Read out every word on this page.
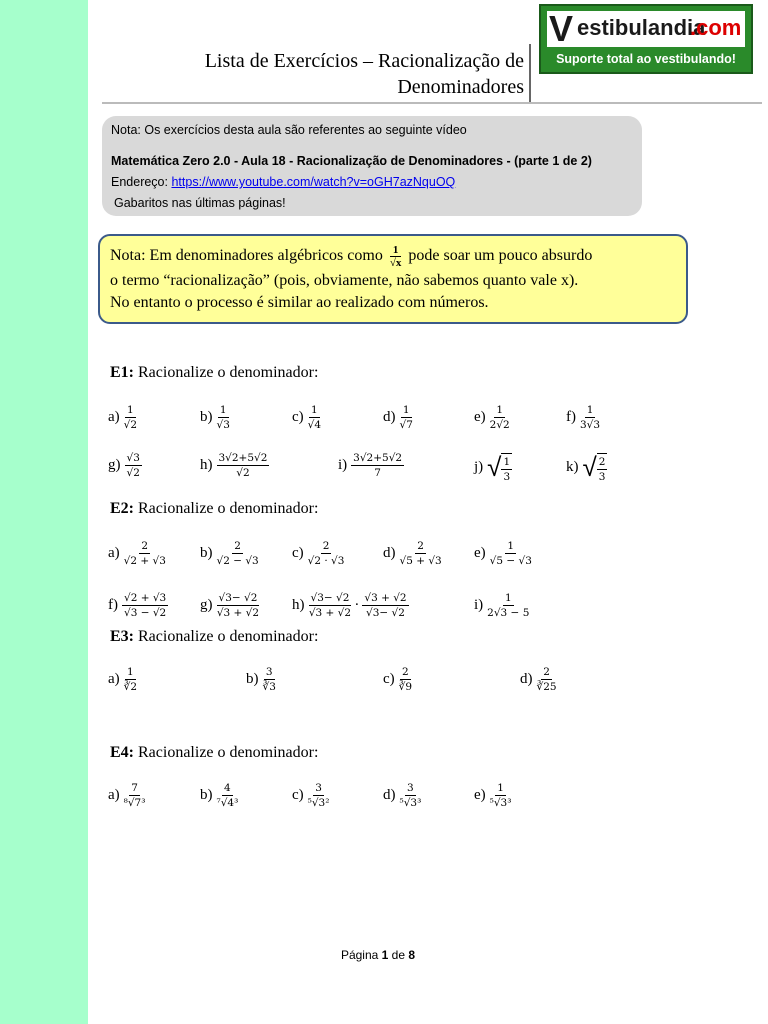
Lista de Exercícios – Racionalização de
Denominadores
V estibulandia
.com
Suporte total ao vestibulando!
Nota: Os exercícios desta aula são referentes ao seguinte vídeo
Matemática Zero 2.0 - Aula 18 - Racionalização de Denominadores - (parte 1 de 2)
Endereço: https://www.youtube.com/watch?v=oGH7azNquOQ
Gabaritos nas últimas páginas!
Nota: Em denominadores algébricos como $\frac{1}{√x}$ pode soar um pouco absurdo
o termo “racionalização” (pois, obviamente, não sabemos quanto vale x).
No entanto o processo é similar ao realizado com números.
E1: Racionalize o denominador:
E2: Racionalize o denominador:
E3: Racionalize o denominador:
E4: Racionalize o denominador:
$a) \frac{1}{√2}$	$b) \frac{1}{√3}$	$c) \frac{1}{√4}$	$d) \frac{1}{√7}$	$e) \frac{1}{2√2}$	$f) \frac{1}{3√3}$
$g) \frac{√3}{√2}$	$h) \frac{3√2+5√2}{√2}$	$i) \frac{3√2+5√2}{7}$	j) √ $\frac{1}{3}$	k) √ $\frac{2}{3}$
$a) \frac{2}{√2 + √3} b) \frac{2}{√2 - √3} c) \frac{2}{√2 \cdot √3}$	$d) \frac{2}{√5 + √3} e) \frac{1}{√5 - √3}$
$f) \frac{√2 + √3}{√3 - √2} g) \frac{√3- √2}{√3 + √2} h) \frac{√3- √2}{√3 + √2} \cdot \frac{√3 + √2}{√3- √2}$	$i) \frac{1}{2√3 - 5}$
$a) \frac{1}{∛2}$	$b) \frac{3}{∛3}$	$c) \frac{2}{∛9}$	$d) \frac{2}{∛25}$
$a) \frac{7}{\text{⁸√7³}}$	$b) \frac{4}{\text{⁷√4³}}$	$c) \frac{3}{\text{⁵√3²}}$	$d) \frac{3}{\text{⁵√3³}}$	$e) \frac{1}{\text{⁵√3³}}$
Página 1 de 8
